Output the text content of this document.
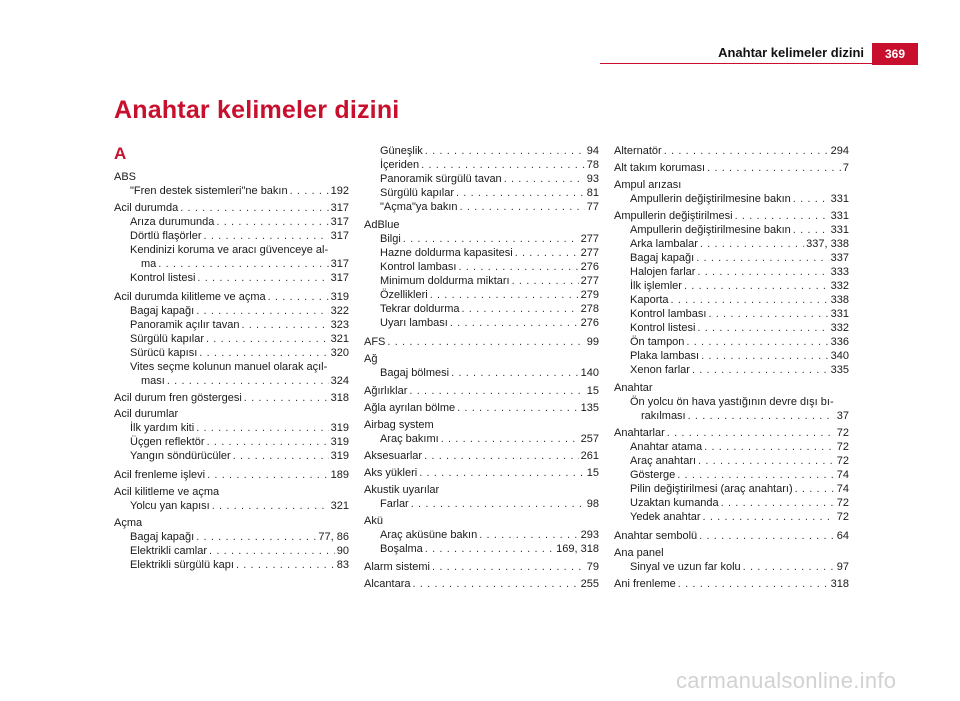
Anahtar kelimeler dizini	369
Anahtar kelimeler dizini
A
ABS
"Fren destek sistemleri"ne bakın . . .	192
Acil durumda . . .	317
Arıza durumunda . . .	317
Dörtlü flaşörler . . .	317
Kendinizi koruma ve aracı güvenceye al-
ma . . .	317
Kontrol listesi . . .	317
Acil durumda kilitleme ve açma . . .	319
Bagaj kapağı . . .	322
Panoramik açılır tavan . . .	323
Sürgülü kapılar . . .	321
Sürücü kapısı . . .	320
Vites seçme kolunun manuel olarak açıl-
ması . . .	324
Acil durum fren göstergesi . . .	318
Acil durumlar
İlk yardım kiti . . .	319
Üçgen reflektör . . .	319
Yangın söndürücüler . . .	319
Acil frenleme işlevi . . .	189
Acil kilitleme ve açma
Yolcu yan kapısı . . .	321
Açma
Bagaj kapağı . . .	77, 86
Elektrikli camlar . . .	90
Elektrikli sürgülü kapı . . .	83
Güneşlik . . .	94
İçeriden . . .	78
Panoramik sürgülü tavan . . .	93
Sürgülü kapılar . . .	81
"Açma"ya bakın . . .	77
AdBlue
Bilgi . . .	277
Hazne doldurma kapasitesi . . .	277
Kontrol lambası . . .	276
Minimum doldurma miktarı . . .	277
Özellikleri . . .	279
Tekrar doldurma . . .	278
Uyarı lambası . . .	276
AFS . . .	99
Ağ
Bagaj bölmesi . . .	140
Ağırlıklar . . .	15
Ağla ayrılan bölme . . .	135
Airbag system
Araç bakımı . . .	257
Aksesuarlar . . .	261
Aks yükleri . . .	15
Akustik uyarılar
Farlar . . .	98
Akü
Araç aküsüne bakın . . .	293
Boşalma . . .	169, 318
Alarm sistemi . . .	79
Alcantara . . .	255
Alternatör . . .	294
Alt takım koruması . . .	7
Ampul arızası
Ampullerin değiştirilmesine bakın . . .	331
Ampullerin değiştirilmesi . . .	331
Ampullerin değiştirilmesine bakın . . .	331
Arka lambalar . . .	337, 338
Bagaj kapağı . . .	337
Halojen farlar . . .	333
İlk işlemler . . .	332
Kaporta . . .	338
Kontrol lambası . . .	331
Kontrol listesi . . .	332
Ön tampon . . .	336
Plaka lambası . . .	340
Xenon farlar . . .	335
Anahtar
Ön yolcu ön hava yastığının devre dışı bı-
rakılması . . .	37
Anahtarlar . . .	72
Anahtar atama . . .	72
Araç anahtarı . . .	72
Gösterge . . .	74
Pilin değiştirilmesi (araç anahtarı) . . .	74
Uzaktan kumanda . . .	72
Yedek anahtar . . .	72
Anahtar sembolü . . .	64
Ana panel
Sinyal ve uzun far kolu . . .	97
Ani frenleme . . .	318
carmanualsonline.info
